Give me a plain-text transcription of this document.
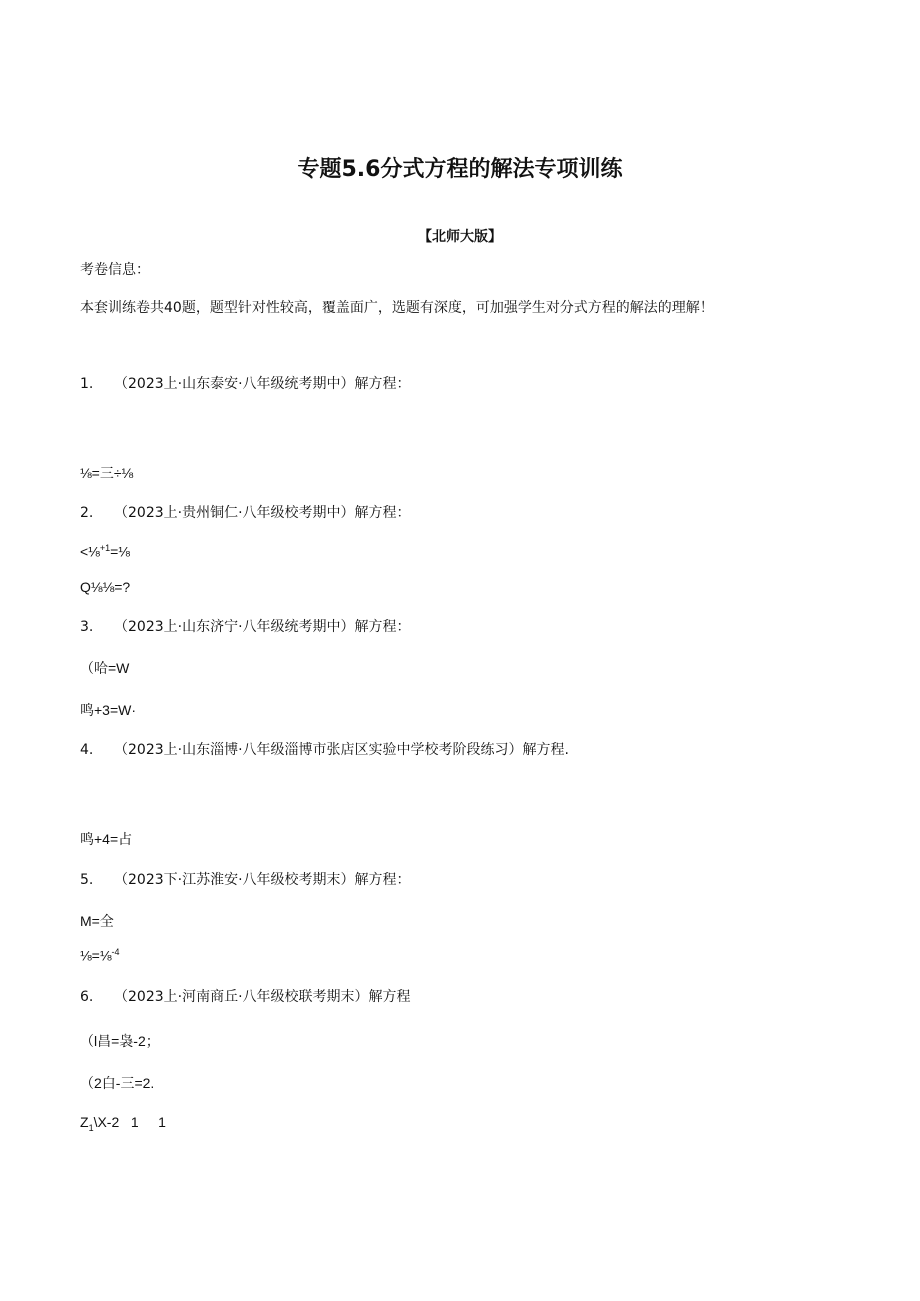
专题5.6分式方程的解法专项训练
【北师大版】
考卷信息：
本套训练卷共40题，题型针对性较高，覆盖面广，选题有深度，可加强学生对分式方程的解法的理解！
1. （2023上·山东泰安·八年级统考期中）解方程：
⅛=三÷⅛
2. （2023上·贵州铜仁·八年级校考期中）解方程：
<⅛$^{+1}$=⅛
Q⅛⅛=?
3. （2023上·山东济宁·八年级统考期中）解方程：
（哈=W
鸣+3=W·
4. （2023上·山东淄博·八年级淄博市张店区实验中学校考阶段练习）解方程.
鸣+4=占
5. （2023下·江苏淮安·八年级校考期末）解方程：
M=全
⅛=⅛$^{-4}$
6. （2023上·河南商丘·八年级校联考期末）解方程
（l昌=袅-2；
（2白-三=2.
$Z_1\backslash X-2$   1     1
